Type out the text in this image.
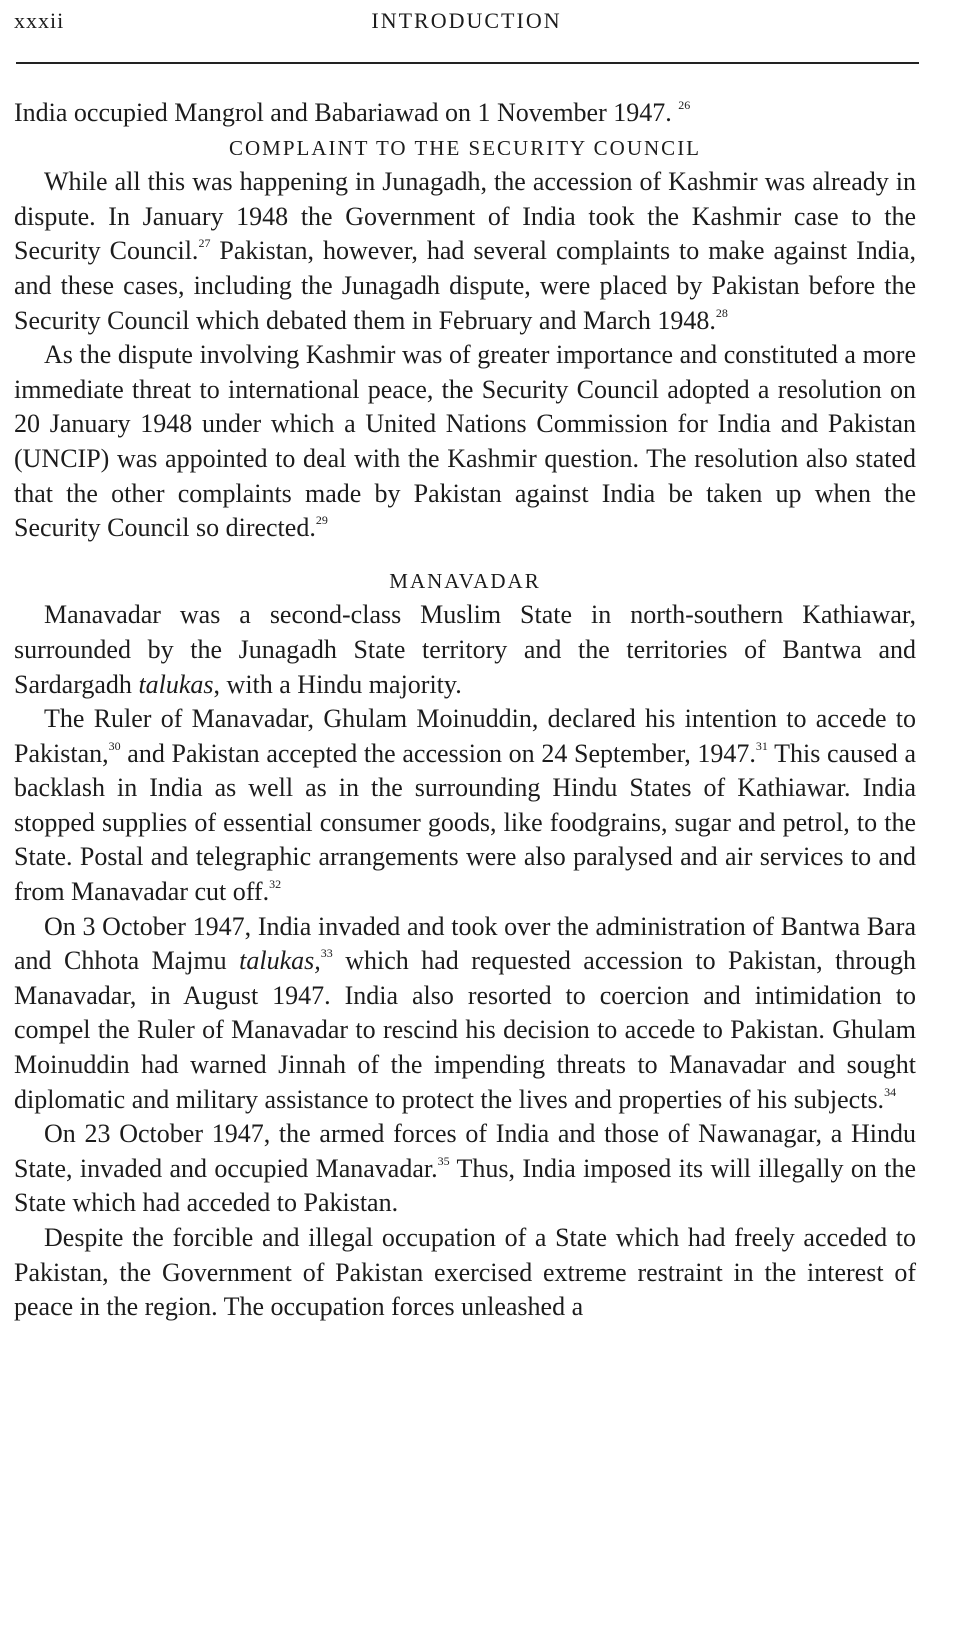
xxxii	INTRODUCTION

India occupied Mangrol and Babariawad on 1 November 1947. $^{26}$

COMPLAINT TO THE SECURITY COUNCIL

While all this was happening in Junagadh, the accession of Kashmir was already in dispute. In January 1948 the Government of India took the Kashmir case to the Security Council.$^{27}$ Pakistan, however, had several complaints to make against India, and these cases, including the Junagadh dispute, were placed by Pakistan before the Security Council which debated them in February and March 1948.28

As the dispute involving Kashmir was of greater importance and constituted a more immediate threat to international peace, the Security Council adopted a resolution on 20 January 1948 under which a United Nations Commission for India and Pakistan (UNCIP) was appointed to deal with the Kashmir question. The resolution also stated that the other complaints made by Pakistan against India be taken up when the Security Council so directed.$^{29}$

MANAVADAR

Manavadar was a second-class Muslim State in north-southern Kathiawar, surrounded by the Junagadh State territory and the territories of Bantwa and Sardargadh talukas, with a Hindu majority.

The Ruler of Manavadar, Ghulam Moinuddin, declared his intention to accede to Pakistan,$^{30}$ and Pakistan accepted the accession on 24 September, 1947.31 This caused a backlash in India as well as in the surrounding Hindu States of Kathiawar. India stopped supplies of essential consumer goods, like foodgrains, sugar and petrol, to the State. Postal and telegraphic arrangements were also paralysed and air services to and from Manavadar cut off.$^{32}$

On 3 October 1947, India invaded and took over the administration of Bantwa Bara and Chhota Majmu talukas,$^{33}$ which had requested accession to Pakistan, through Manavadar, in August 1947. India also resorted to coercion and intimidation to compel the Ruler of Manavadar to rescind his decision to accede to Pakistan. Ghulam Moinuddin had warned Jinnah of the impending threats to Manavadar and sought diplomatic and military assistance to protect the lives and properties of his subjects.$^{34}$

On 23 October 1947, the armed forces of India and those of Nawanagar, a Hindu State, invaded and occupied Manavadar.$^{35}$ Thus, India imposed its will illegally on the State which had acceded to Pakistan.

Despite the forcible and illegal occupation of a State which had freely acceded to Pakistan, the Government of Pakistan exercised extreme restraint in the interest of peace in the region. The occupation forces unleashed a
